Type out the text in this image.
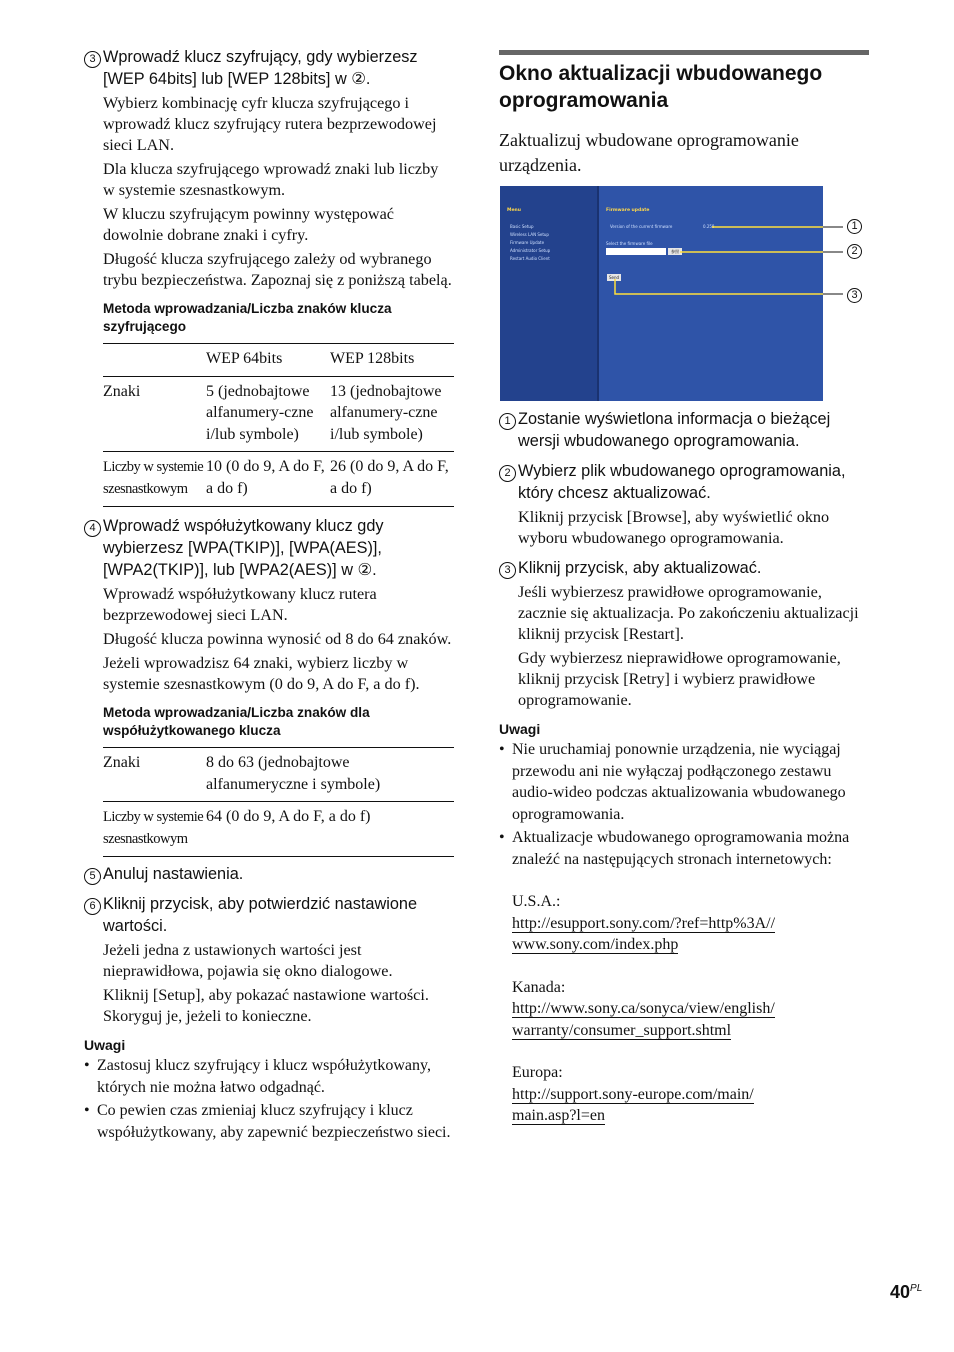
3 Wprowadź klucz szyfrujący, gdy wybierzesz [WEP 64bits] lub [WEP 128bits] w ②.

Wybierz kombinację cyfr klucza szyfrującego i wprowadź klucz szyfrujący rutera bezprzewodowej sieci LAN.

Dla klucza szyfrującego wprowadź znaki lub liczby w systemie szesnastkowym.

W kluczu szyfrującym powinny występować dowolnie dobrane znaki i cyfry.

Długość klucza szyfrującego zależy od wybranego trybu bezpieczeństwa. Zapoznaj się z poniższą tabelą.

Metoda wprowadzania/Liczba znaków klucza szyfrującego
	WEP 64bits	WEP 128bits
Znaki	5 (jednobajtowe alfanumery-czne i/lub symbole)	13 (jednobajtowe alfanumery-czne i/lub symbole)
Liczby w systemie szesnastkowym	10 (0 do 9, A do F, a do f)	26 (0 do 9, A do F, a do f)
4 Wprowadź współużytkowany klucz gdy wybierzesz [WPA(TKIP)], [WPA(AES)], [WPA2(TKIP)], lub [WPA2(AES)] w ②.

Wprowadź współużytkowany klucz rutera bezprzewodowej sieci LAN.

Długość klucza powinna wynosić od 8 do 64 znaków.

Jeżeli wprowadzisz 64 znaki, wybierz liczby w systemie szesnastkowym (0 do 9, A do F, a do f).

Metoda wprowadzania/Liczba znaków dla współużytkowanego klucza
Znaki	8 do 63 (jednobajtowe alfanumeryczne i symbole)
Liczby w systemie szesnastkowym	64 (0 do 9, A do F, a do f)
5 Anuluj nastawienia.
6 Kliknij przycisk, aby potwierdzić nastawione wartości.

Jeżeli jedna z ustawionych wartości jest nieprawidłowa, pojawia się okno dialogowe.

Kliknij [Setup], aby pokazać nastawione wartości. Skoryguj je, jeżeli to konieczne.

Uwagi
• Zastosuj klucz szyfrujący i klucz współużytkowany, których nie można łatwo odgadnąć.
• Co pewien czas zmieniaj klucz szyfrujący i klucz współużytkowany, aby zapewnić bezpieczeństwo sieci.
Okno aktualizacji wbudowanego oprogramowania
Zaktualizuj wbudowane oprogramowanie urządzenia.
Menu
Basic Setup
Wireless LAN Setup
Firmware Update
Administrator Setup
Restart Audio Client
Firmware update
Version of the current firmware	0.258
Select the firmware file
参照
Send
1
2
3
1 Zostanie wyświetlona informacja o bieżącej wersji wbudowanego oprogramowania.
2 Wybierz plik wbudowanego oprogramowania, który chcesz aktualizować.

Kliknij przycisk [Browse], aby wyświetlić okno wyboru wbudowanego oprogramowania.

3 Kliknij przycisk, aby aktualizować.

Jeśli wybierzesz prawidłowe oprogramowanie, zacznie się aktualizacja. Po zakończeniu aktualizacji kliknij przycisk [Restart].

Gdy wybierzesz nieprawidłowe oprogramowanie, kliknij przycisk [Retry] i wybierz prawidłowe oprogramowanie.

Uwagi
• Nie uruchamiaj ponownie urządzenia, nie wyciągaj przewodu ani nie wyłączaj podłączonego zestawu audio-wideo podczas aktualizowania wbudowanego oprogramowania.
• Aktualizacje wbudowanego oprogramowania można znaleźć na następujących stronach internetowych:
U.S.A.:
http://esupport.sony.com/?ref=http%3A//
www.sony.com/index.php
Kanada:
http://www.sony.ca/sonyca/view/english/
warranty/consumer_support.shtml
Europa:
http://support.sony-europe.com/main/
main.asp?l=en
$40^{PL}$
